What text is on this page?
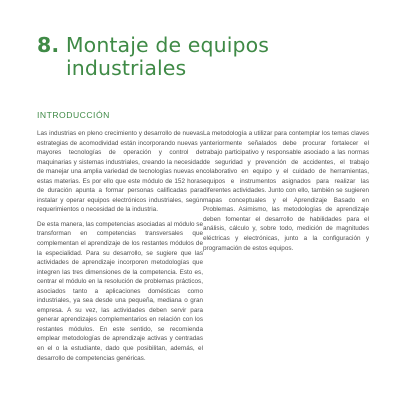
8. Montaje de equipos
industriales
INTRODUCCIÓN

Las industrias en pleno crecimiento y desarrollo de nuevas estrategias de acomodividad están incorporando nuevas y mayores tecnologías de operación y control de maquinarias y sistemas industriales, creando la necesidad de manejar una amplia variedad de tecnologías nuevas en estas materias. Es por ello que este módulo de 152 horas de duración apunta a formar personas calificadas para instalar y operar equipos electrónicos industriales, según requerimientos o necesidad de la industria.

De esta manera, las competencias asociadas al módulo se transforman en competencias transversales que complementan el aprendizaje de los restantes módulos de la especialidad. Para su desarrollo, se sugiere que las actividades de aprendizaje incorporen metodologías que integren las tres dimensiones de la competencia. Esto es, centrar el módulo en la resolución de problemas prácticos, asociados tanto a aplicaciones domésticas como industriales, ya sea desde una pequeña, mediana o gran empresa. A su vez, las actividades deben servir para generar aprendizajes complementarios en relación con los restantes módulos. En este sentido, se recomienda emplear metodologías de aprendizaje activas y centradas en el o la estudiante, dado que posibilitan, además, el desarrollo de competencias genéricas.

La metodología a utilizar para contemplar los temas claves anteriormente señalados debe procurar fortalecer el trabajo participativo y responsable asociado a las normas de seguridad y prevención de accidentes, el trabajo colaborativo en equipo y el cuidado de herramientas, equipos e instrumentos asignados para realizar las diferentes actividades. Junto con ello, también se sugieren mapas conceptuales y el Aprendizaje Basado en Problemas. Asimismo, las metodologías de aprendizaje deben fomentar el desarrollo de habilidades para el análisis, cálculo y, sobre todo, medición de magnitudes eléctricas y electrónicas, junto a la configuración y programación de estos equipos.
